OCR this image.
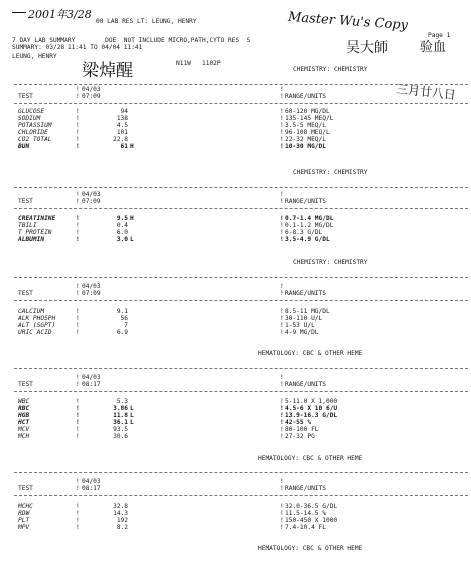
2001年3/28
梁焯醒
Master Wu's Copy
吴大師 验血
三月廿八日
00 LAB RES LT: LEUNG, HENRY
Page 1
7 DAY LAB SUMMARY        DOE  NOT INCLUDE MICRO,PATH,CYTO RES  S
SUMMARY: 03/28 11:41 TO 04/04 11:41
LEUNG, HENRY
N11W 1102P
CHEMISTRY: CHEMISTRY
! 04/03	!
TEST	! 07:09	! RANGE/UNITS
GLUCOSE	!	94	! 60-120 MG/DL
SODIUM	!	138	! 135-145 MEQ/L
POTASSIUM	!	4.5	! 3.5-5 MEQ/L
CHLORIDE	!	101	! 96-108 MEQ/L
CO2 TOTAL	!	22.8	! 22-32 MEQ/L
BUN	!	61 H	! 10-30 MG/DL
CHEMISTRY: CHEMISTRY
! 04/03	!
TEST	! 07:09	! RANGE/UNITS
CREATININE	!	9.5 H	! 0.7-1.4 MG/DL
TBILI	!	0.4	! 0.1-1.2 MG/DL
T PROTEIN	!	6.0	! 6-8.3 G/DL
ALBUMIN	!	3.0 L	! 3.5-4.9 G/DL
CHEMISTRY: CHEMISTRY
! 04/03	!
TEST	! 07:09	! RANGE/UNITS
CALCIUM	!	9.1	! 8.5-11 MG/DL
ALK PHOSPH	!	56	! 30-110 U/L
ALT (SGPT)	!	7	! 1-53 U/L
URIC ACID	!	6.9	! 4-9 MG/DL
HEMATOLOGY: CBC & OTHER HEME
! 04/03	!
TEST	! 08:17	! RANGE/UNITS
WBC	!	5.3	! 5-11.0 X 1,000
RBC	!	3.86 L	! 4.5-6 X 10 6/U
HGB	!	11.8 L	! 13.9-16.3 G/DL
HCT	!	36.1 L	! 42-55 %
MCV	!	93.5	! 80-100 FL
MCH	!	30.6	! 27-32 PG
HEMATOLOGY: CBC & OTHER HEME
! 04/03	!
TEST	! 08:17	! RANGE/UNITS
MCHC	!	32.8	! 32.0-36.5 G/DL
RDW	!	14.3	! 11.5-14.5 %
PLT	!	192	! 150-450 X 1000
MPV	!	8.2	! 7.4-10.4 FL
HEMATOLOGY: CBC & OTHER HEME
